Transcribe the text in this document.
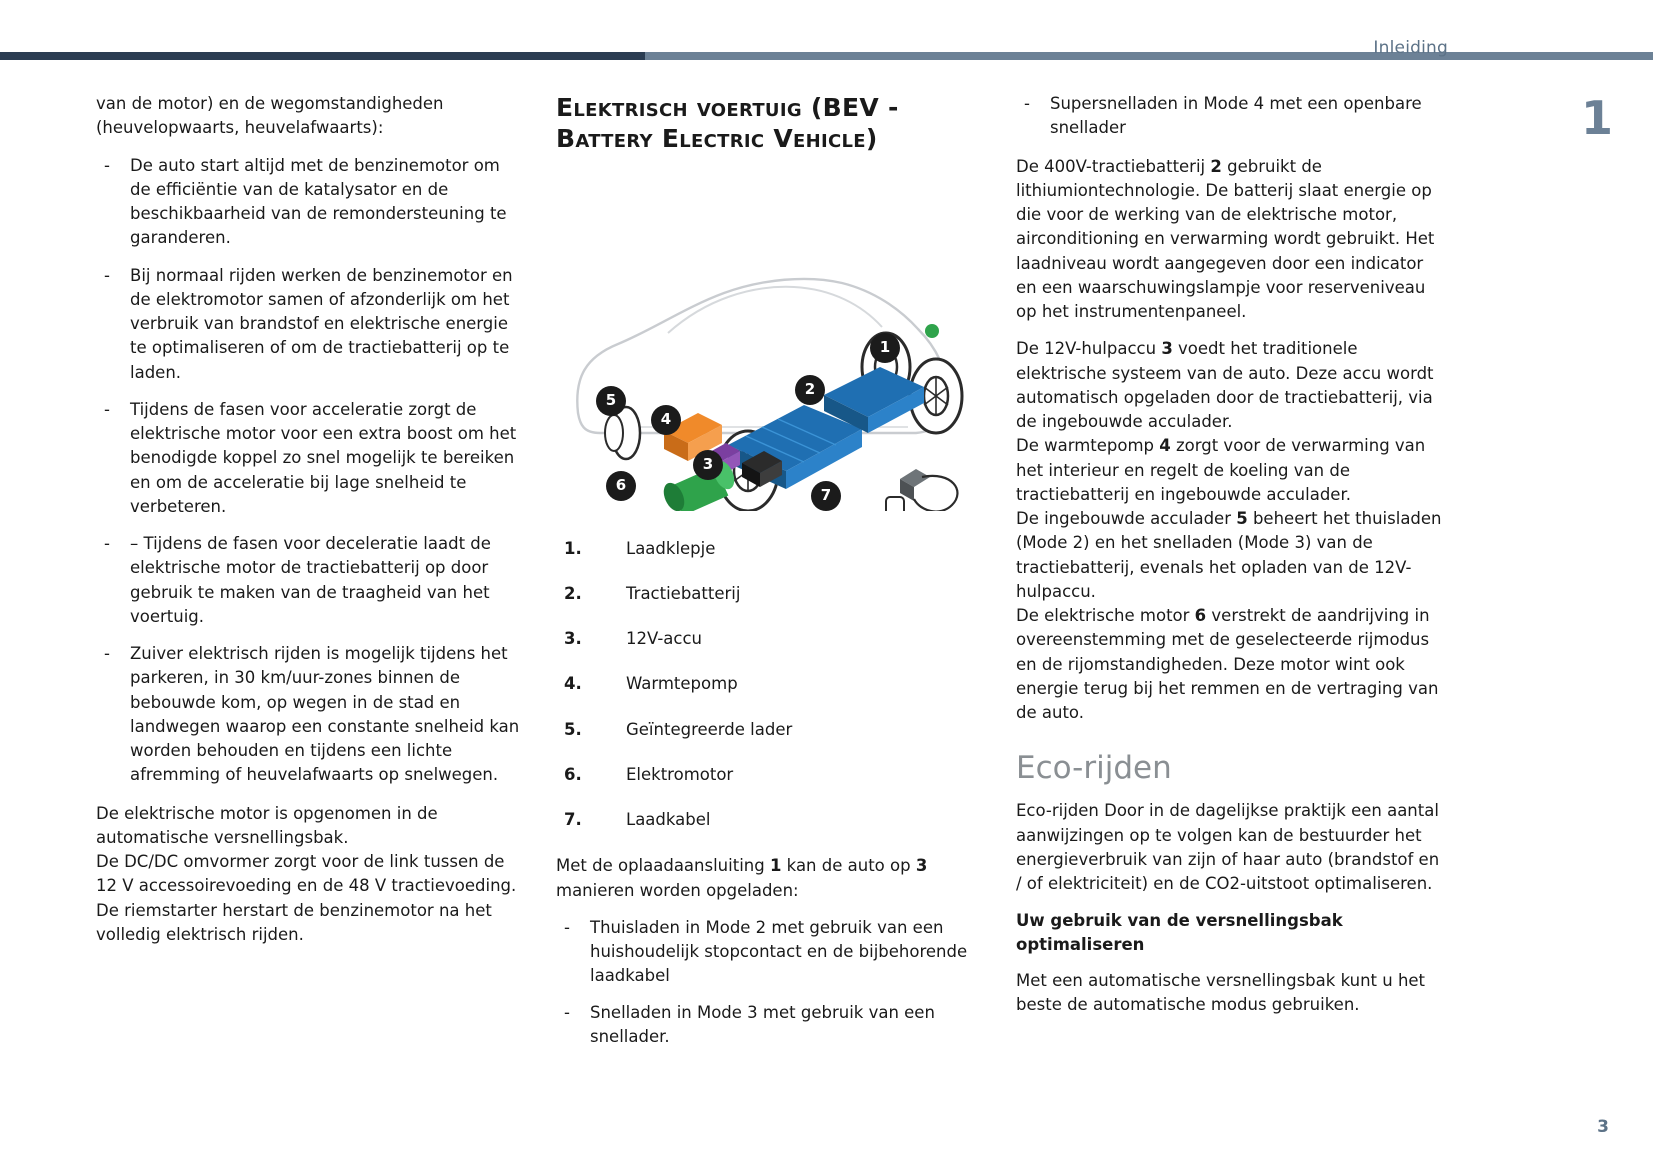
Inleiding
1
3

van de motor) en de wegomstandigheden (heuvelopwaarts, heuvelafwaarts):

- De auto start altijd met de benzinemotor om de efficiëntie van de katalysator en de beschikbaarheid van de remondersteuning te garanderen.
- Bij normaal rijden werken de benzinemotor en de elektromotor samen of afzonderlijk om het verbruik van brandstof en elektrische energie te optimaliseren of om de tractiebatterij op te laden.
- Tijdens de fasen voor acceleratie zorgt de elektrische motor voor een extra boost om het benodigde koppel zo snel mogelijk te bereiken en om de acceleratie bij lage snelheid te verbeteren.
- – Tijdens de fasen voor deceleratie laadt de elektrische motor de tractiebatterij op door gebruik te maken van de traagheid van het voertuig.
- Zuiver elektrisch rijden is mogelijk tijdens het parkeren, in 30 km/uur-zones binnen de bebouwde kom, op wegen in de stad en landwegen waarop een constante snelheid kan worden behouden en tijdens een lichte afremming of heuvelafwaarts op snelwegen.

De elektrische motor is opgenomen in de automatische versnellingsbak.

De DC/DC omvormer zorgt voor de link tussen de 12 V accessoirevoeding en de 48 V tractievoeding.

De riemstarter herstart de benzinemotor na het volledig elektrisch rijden.

Elektrisch voertuig (BEV - Battery Electric Vehicle)
1
2
3
4
5
6
7
1.	Laadklepje
2.	Tractiebatterij
3.	12V-accu
4.	Warmtepomp
5.	Geïntegreerde lader
6.	Elektromotor
7.	Laadkabel

Met de oplaadaansluiting 1 kan de auto op 3 manieren worden opgeladen:

- Thuisladen in Mode 2 met gebruik van een huishoudelijk stopcontact en de bijbehorende laadkabel
- Snelladen in Mode 3 met gebruik van een snellader.
- Supersnelladen in Mode 4 met een openbare snellader

De 400V-tractiebatterij 2 gebruikt de lithiumiontechnologie. De batterij slaat energie op die voor de werking van de elektrische motor, airconditioning en verwarming wordt gebruikt. Het laadniveau wordt aangegeven door een indicator en een waarschuwingslampje voor reserveniveau op het instrumentenpaneel.

De 12V-hulpaccu 3 voedt het traditionele elektrische systeem van de auto. Deze accu wordt automatisch opgeladen door de tractiebatterij, via de ingebouwde acculader.

De warmtepomp 4 zorgt voor de verwarming van het interieur en regelt de koeling van de tractiebatterij en ingebouwde acculader.

De ingebouwde acculader 5 beheert het thuisladen (Mode 2) en het snelladen (Mode 3) van de tractiebatterij, evenals het opladen van de 12V-hulpaccu.

De elektrische motor 6 verstrekt de aandrijving in overeenstemming met de geselecteerde rijmodus en de rijomstandigheden. Deze motor wint ook energie terug bij het remmen en de vertraging van de auto.

Eco-rijden

Eco-rijden Door in de dagelijkse praktijk een aantal aanwijzingen op te volgen kan de bestuurder het energieverbruik van zijn of haar auto (brandstof en / of elektriciteit) en de CO2-uitstoot optimaliseren.

Uw gebruik van de versnellingsbak optimaliseren

Met een automatische versnellingsbak kunt u het beste de automatische modus gebruiken.
